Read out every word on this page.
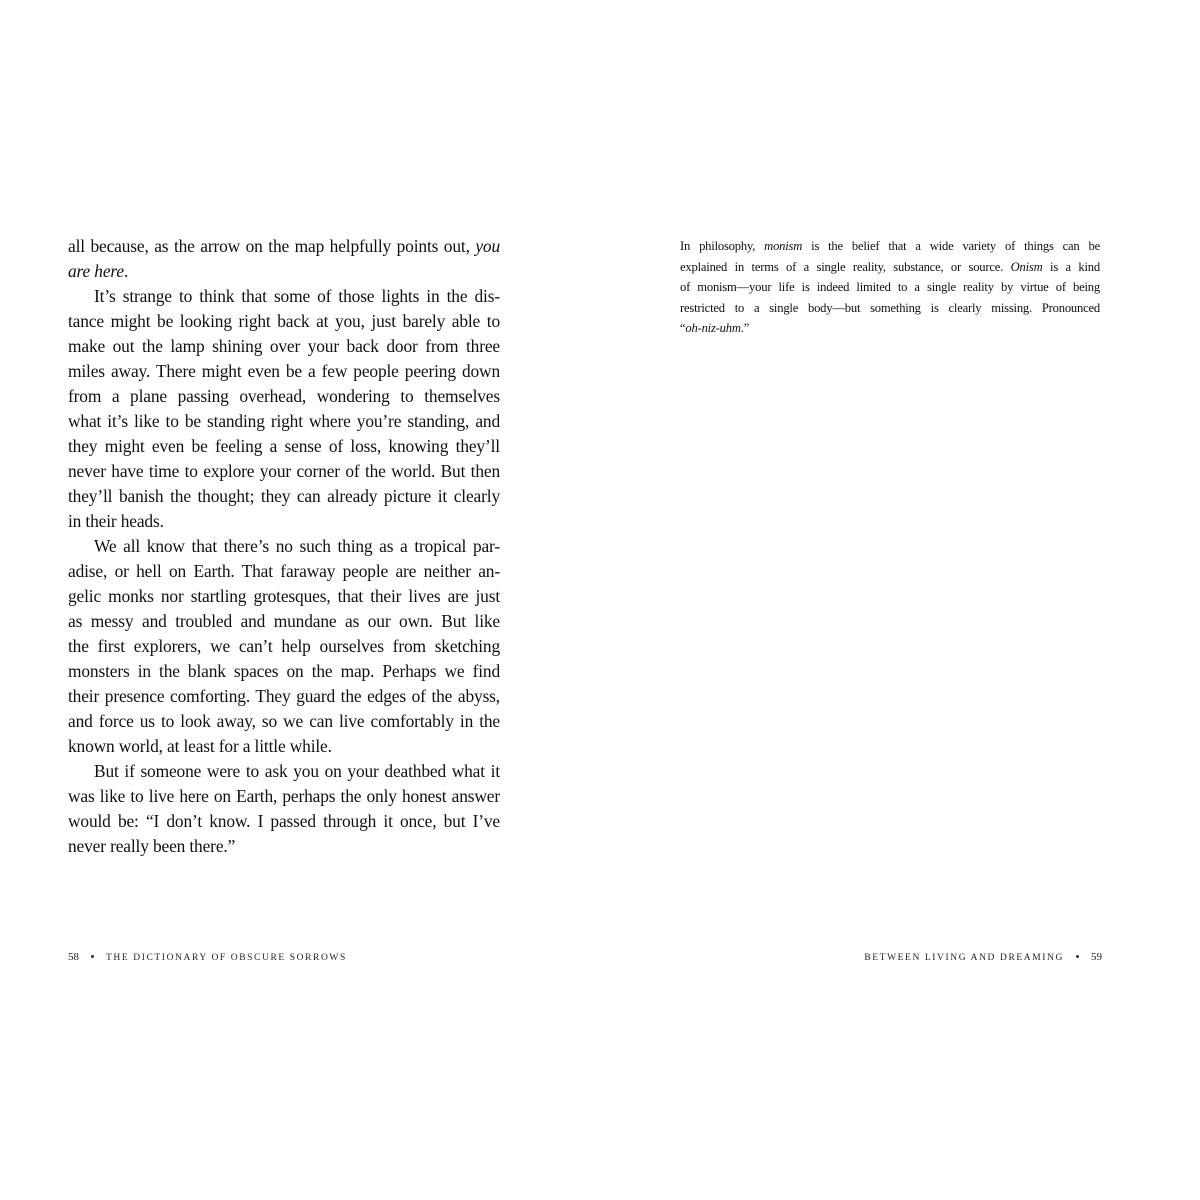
all because, as the arrow on the map helpfully points out, you
are here.
It’s strange to think that some of those lights in the dis-
tance might be looking right back at you, just barely able to
make out the lamp shining over your back door from three
miles away. There might even be a few people peering down
from a plane passing overhead, wondering to themselves
what it’s like to be standing right where you’re standing, and
they might even be feeling a sense of loss, knowing they’ll
never have time to explore your corner of the world. But then
they’ll banish the thought; they can already picture it clearly
in their heads.
We all know that there’s no such thing as a tropical par-
adise, or hell on Earth. That faraway people are neither an-
gelic monks nor startling grotesques, that their lives are just
as messy and troubled and mundane as our own. But like
the first explorers, we can’t help ourselves from sketching
monsters in the blank spaces on the map. Perhaps we find
their presence comforting. They guard the edges of the abyss,
and force us to look away, so we can live comfortably in the
known world, at least for a little while.
But if someone were to ask you on your deathbed what it
was like to live here on Earth, perhaps the only honest answer
would be: “I don’t know. I passed through it once, but I’ve
never really been there.”
In philosophy, monism is the belief that a wide variety of things can be
explained in terms of a single reality, substance, or source. Onism is a kind
of monism—your life is indeed limited to a single reality by virtue of being
restricted to a single body—but something is clearly missing. Pronounced
“oh-niz-uhm.”
58	THE DICTIONARY OF OBSCURE SORROWS	BETWEEN LIVING AND DREAMING 59
